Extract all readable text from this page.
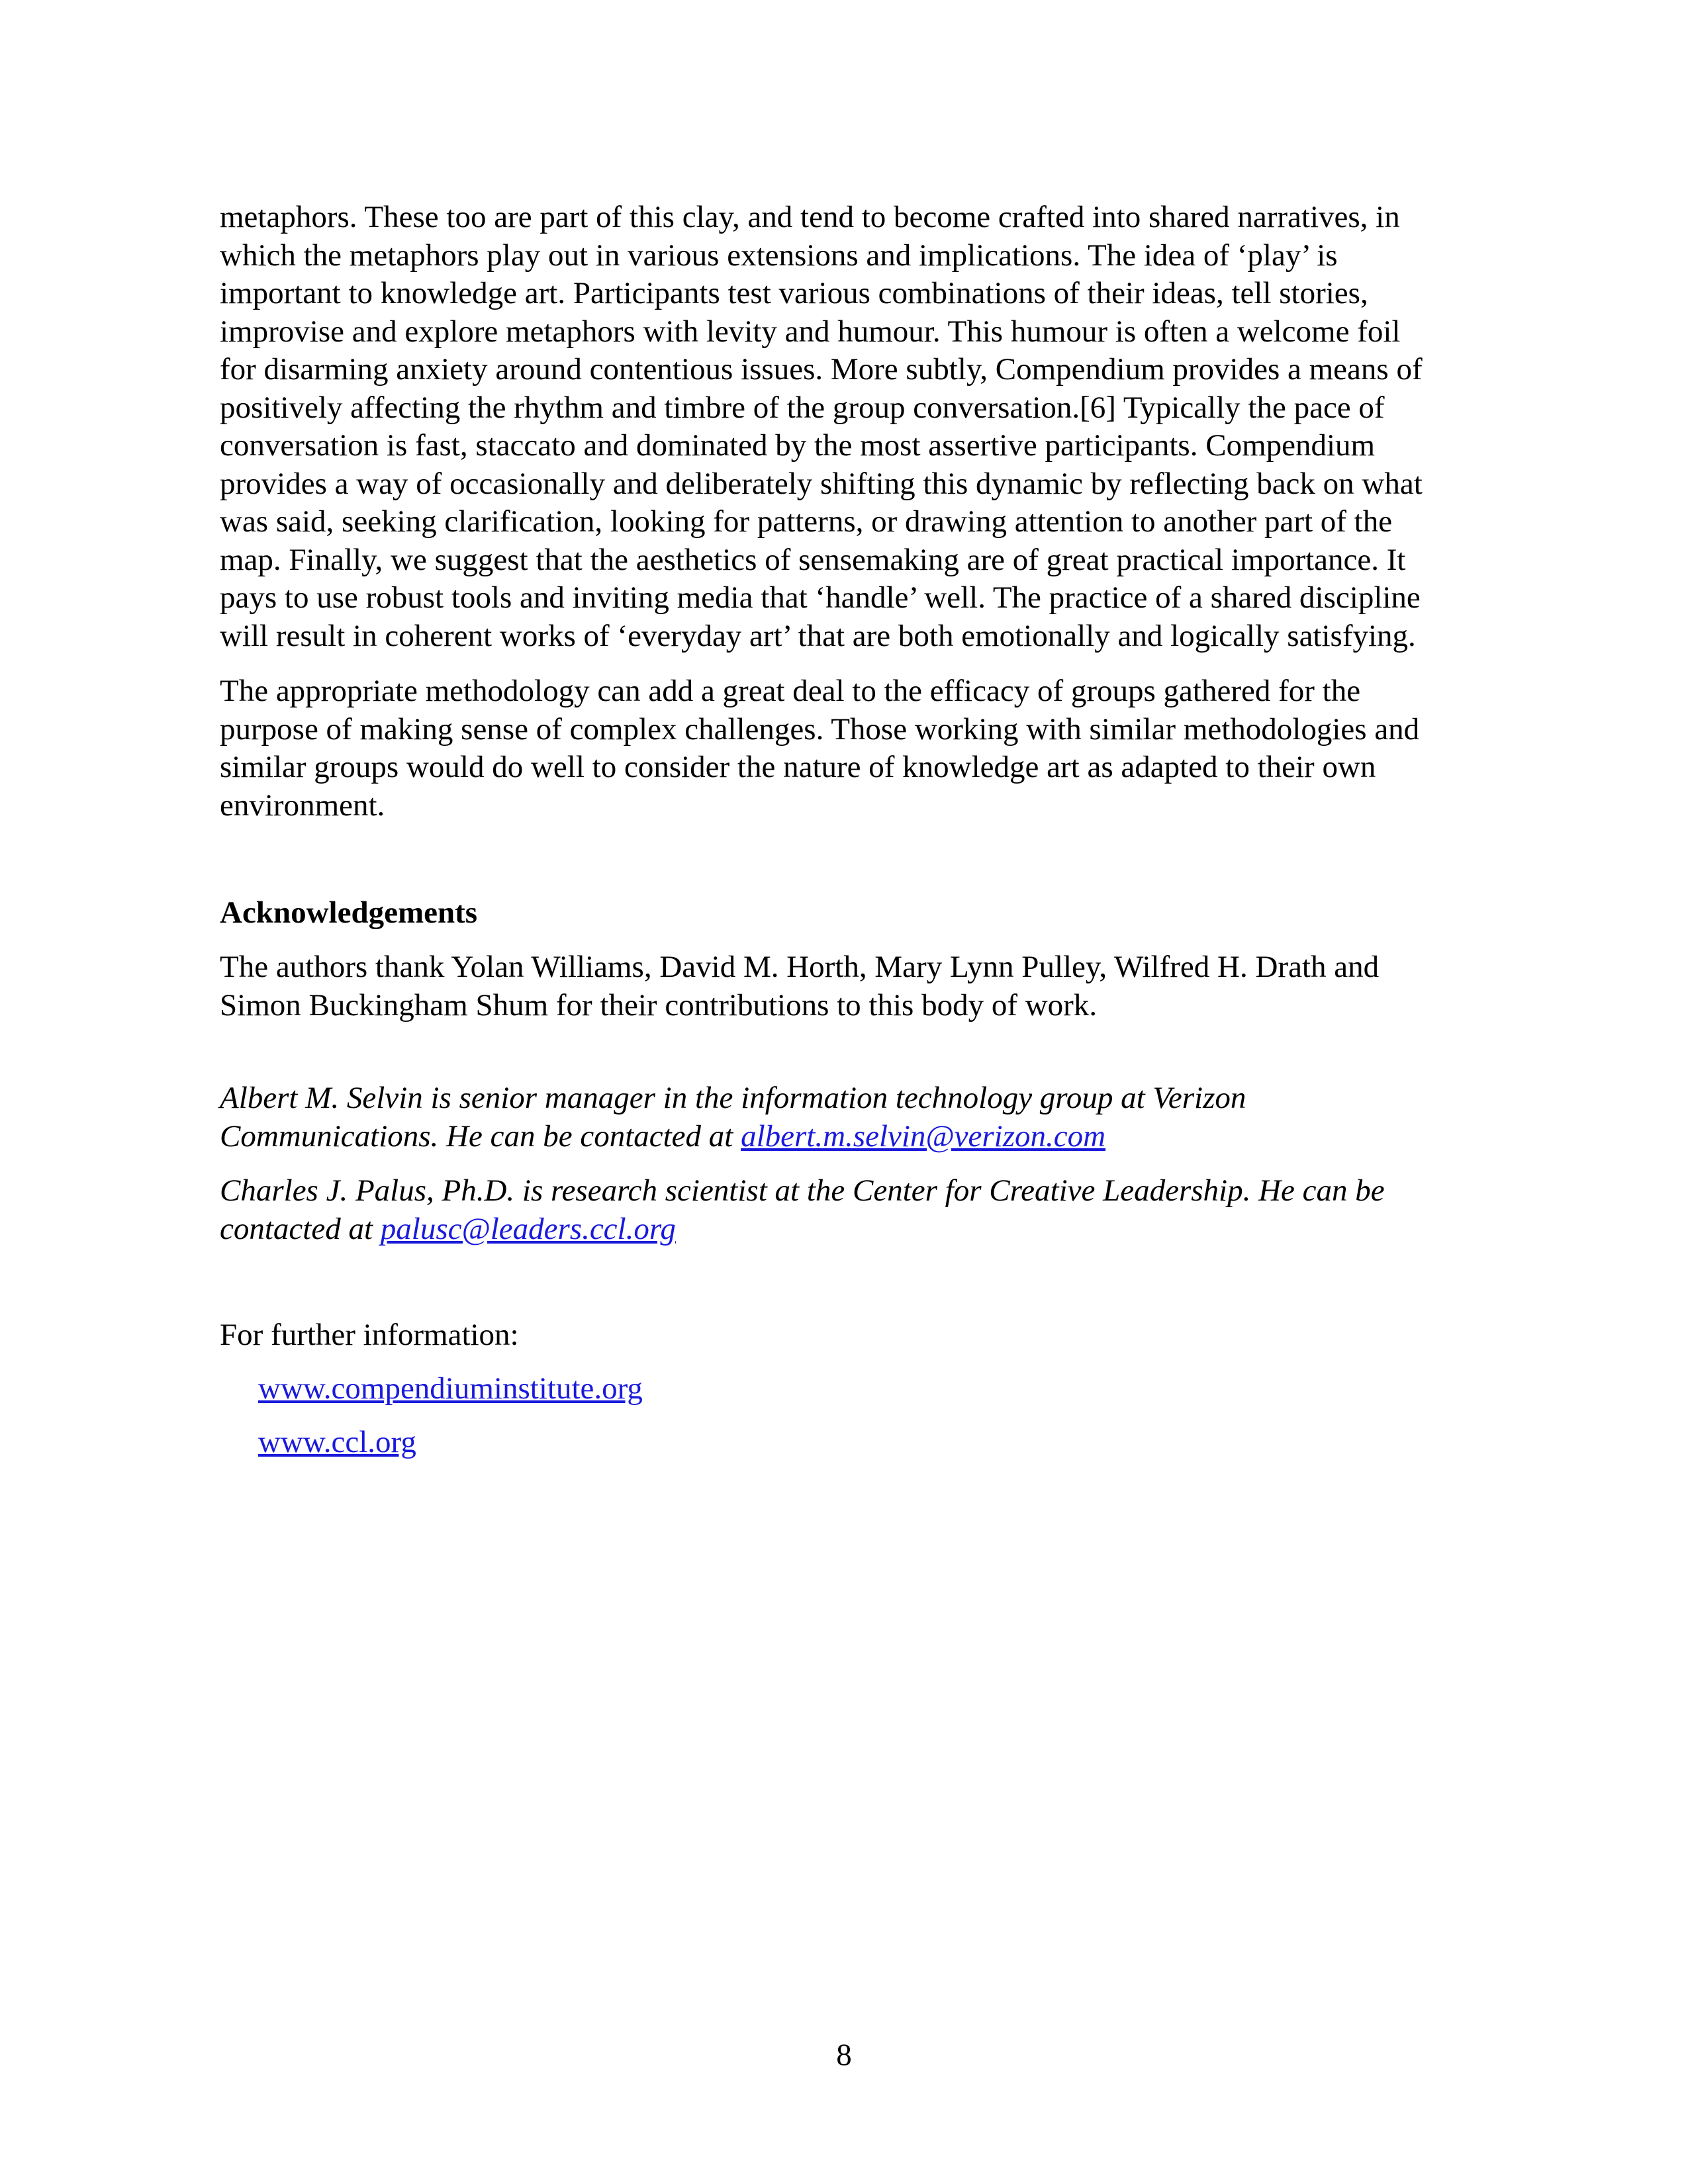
metaphors. These too are part of this clay, and tend to become crafted into shared narratives, in
which the metaphors play out in various extensions and implications. The idea of ‘play’ is
important to knowledge art. Participants test various combinations of their ideas, tell stories,
improvise and explore metaphors with levity and humour. This humour is often a welcome foil
for disarming anxiety around contentious issues. More subtly, Compendium provides a means of
positively affecting the rhythm and timbre of the group conversation.[6] Typically the pace of
conversation is fast, staccato and dominated by the most assertive participants. Compendium
provides a way of occasionally and deliberately shifting this dynamic by reflecting back on what
was said, seeking clarification, looking for patterns, or drawing attention to another part of the
map. Finally, we suggest that the aesthetics of sensemaking are of great practical importance. It
pays to use robust tools and inviting media that ‘handle’ well. The practice of a shared discipline
will result in coherent works of ‘everyday art’ that are both emotionally and logically satisfying.

The appropriate methodology can add a great deal to the efficacy of groups gathered for the
purpose of making sense of complex challenges. Those working with similar methodologies and
similar groups would do well to consider the nature of knowledge art as adapted to their own
environment.

Acknowledgements

The authors thank Yolan Williams, David M. Horth, Mary Lynn Pulley, Wilfred H. Drath and
Simon Buckingham Shum for their contributions to this body of work.

Albert M. Selvin is senior manager in the information technology group at Verizon
Communications. He can be contacted at albert.m.selvin@verizon.com

Charles J. Palus, Ph.D. is research scientist at the Center for Creative Leadership. He can be
contacted at palusc@leaders.ccl.org

For further information:

www.compendiuminstitute.org

www.ccl.org

8
